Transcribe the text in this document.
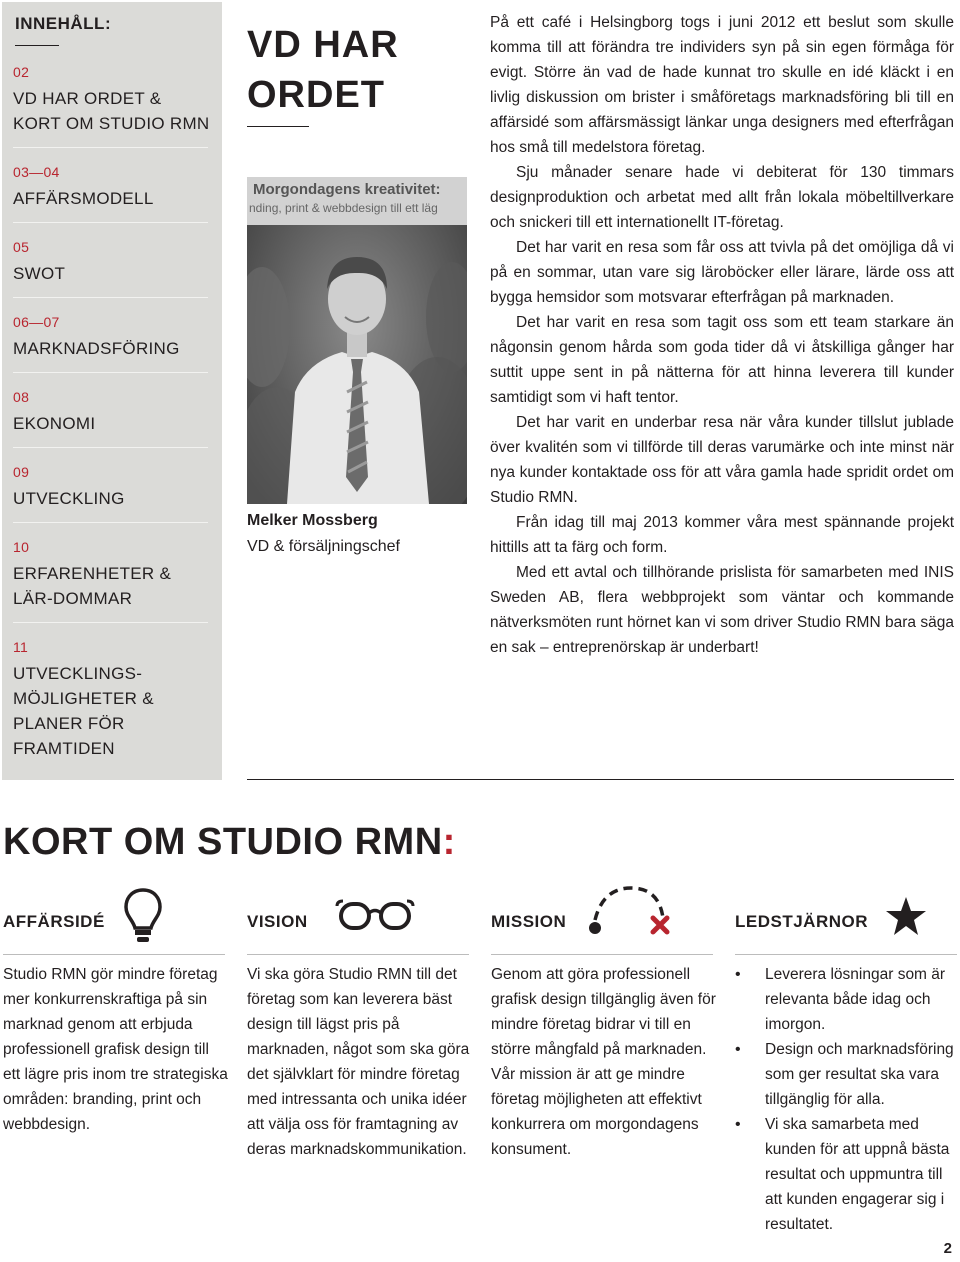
INNEHÅLL:
02
VD HAR ORDET & KORT OM STUDIO RMN
03—04
AFFÄRSMODELL
05
SWOT
06—07
MARKNADSFÖRING
08
EKONOMI
09
UTVECKLING
10
ERFARENHETER & LÄR-DOMMAR
11
UTVECKLINGS-MÖJLIGHETER & PLANER FÖR FRAMTIDEN
VD HAR
ORDET
Morgondagens kreativitet:
nding, print & webbdesign till ett läg
Melker Mossberg
VD & försäljningschef

På ett café i Helsingborg togs i juni 2012 ett beslut som skulle komma till att förändra tre individers syn på sin egen förmåga för evigt. Större än vad de hade kunnat tro skulle en idé kläckt i en livlig diskussion om brister i småföretags marknadsföring bli till en affärsidé som affärsmässigt länkar unga designers med efterfrågan hos små till medelstora företag.

Sju månader senare hade vi debiterat för 130 timmars designproduktion och arbetat med allt från lokala möbeltillverkare och snickeri till ett internationellt IT-företag.

Det har varit en resa som får oss att tvivla på det omöjliga då vi på en sommar, utan vare sig läroböcker eller lärare, lärde oss att bygga hemsidor som motsvarar efterfrågan på marknaden.

Det har varit en resa som tagit oss som ett team starkare än någonsin genom hårda som goda tider då vi åtskilliga gånger har suttit uppe sent in på nätterna för att hinna leverera till kunder samtidigt som vi haft tentor.

Det har varit en underbar resa när våra kunder tillslut jublade över kvalitén som vi tillförde till deras varumärke och inte minst när nya kunder kontaktade oss för att våra gamla hade spridit ordet om Studio RMN.

Från idag till maj 2013 kommer våra mest spännande projekt hittills att ta färg och form.

Med ett avtal och tillhörande prislista för samarbeten med INIS Sweden AB, flera webbprojekt som väntar och kommande nätverksmöten runt hörnet kan vi som driver Studio RMN bara säga en sak – entreprenörskap är underbart!

KORT OM STUDIO RMN:
AFFÄRSIDÉ
Studio RMN gör mindre företag mer konkurrenskraftiga på sin marknad genom att erbjuda professionell grafisk design till ett lägre pris inom tre strategiska områden: branding, print och webbdesign.
VISION
Vi ska göra Studio RMN till det företag som kan leverera bäst design till lägst pris på marknaden, något som ska göra det självklart för mindre företag med intressanta och unika idéer att välja oss för framtagning av deras marknadskommunikation.
MISSION
Genom att göra professionell grafisk design tillgänglig även för mindre företag bidrar vi till en större mångfald på marknaden. Vår mission är att ge mindre företag möjligheten att effektivt konkurrera om morgondagens konsument.
LEDSTJÄRNOR
• Leverera lösningar som är relevanta både idag och imorgon.
• Design och marknadsföring som ger resultat ska vara tillgänglig för alla.
• Vi ska samarbeta med kunden för att uppnå bästa resultat och uppmuntra till att kunden engagerar sig i resultatet.
2
